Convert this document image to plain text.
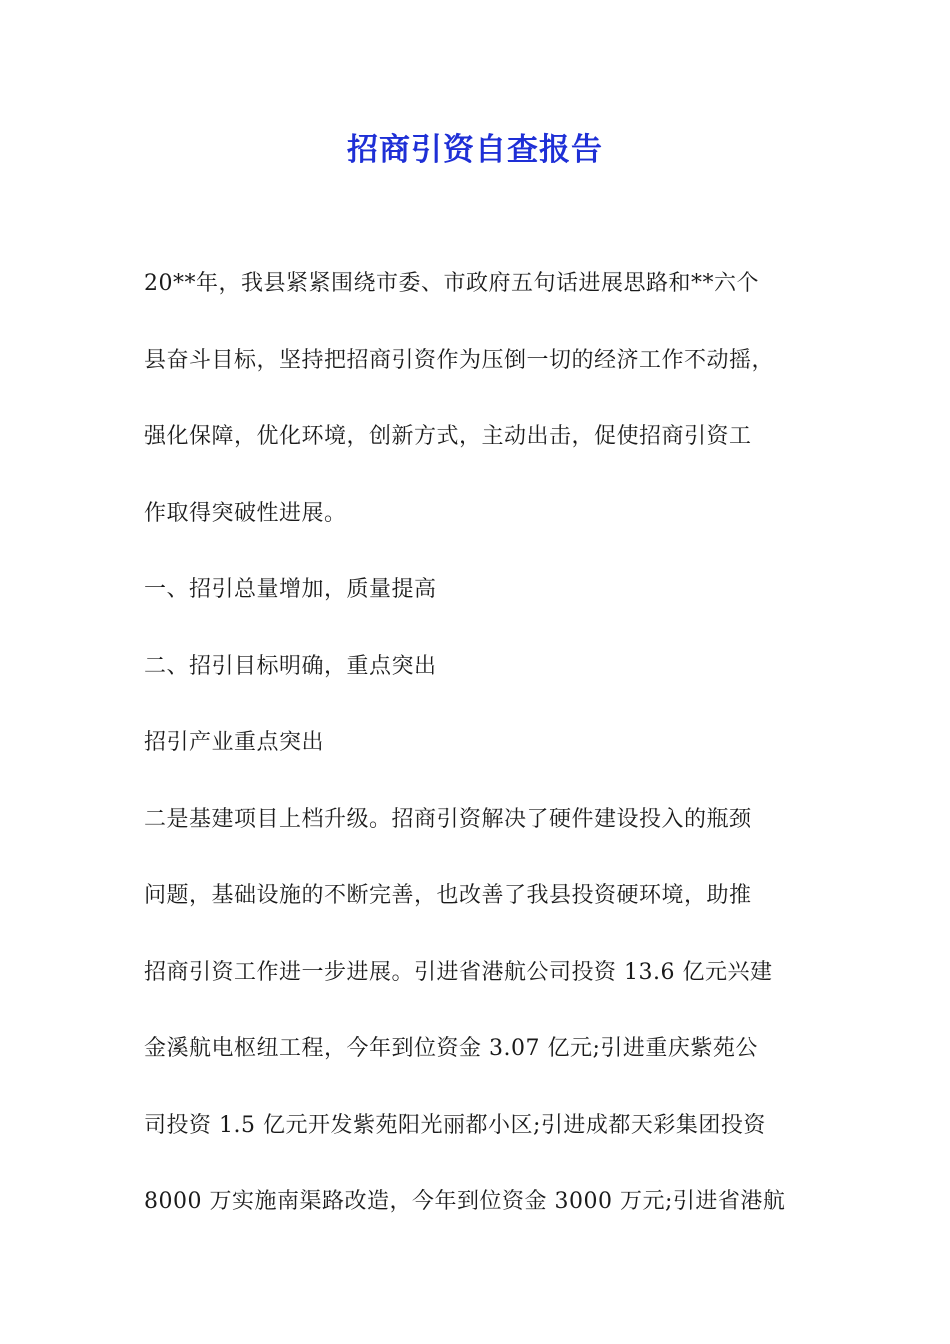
招商引资自查报告
20**年，我县紧紧围绕市委、市政府五句话进展思路和**六个
县奋斗目标，坚持把招商引资作为压倒一切的经济工作不动摇，
强化保障，优化环境，创新方式，主动出击，促使招商引资工
作取得突破性进展。
一、招引总量增加，质量提高
二、招引目标明确，重点突出
招引产业重点突出
二是基建项目上档升级。招商引资解决了硬件建设投入的瓶颈
问题，基础设施的不断完善，也改善了我县投资硬环境，助推
招商引资工作进一步进展。引进省港航公司投资 13.6 亿元兴建
金溪航电枢纽工程，今年到位资金 3.07 亿元;引进重庆紫苑公
司投资 1.5 亿元开发紫苑阳光丽都小区;引进成都天彩集团投资
8000 万实施南渠路改造，今年到位资金 3000 万元;引进省港航
